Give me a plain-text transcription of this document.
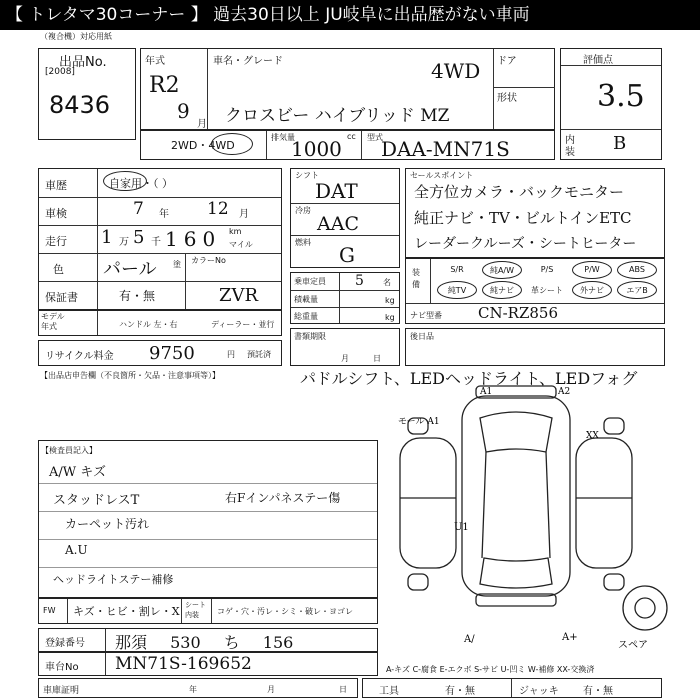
【 トレタマ30コーナー 】 過去30日以上 JU岐阜に出品歴がない車両
（複合機）対応用紙
出品No.
[2008]
8436
年式
R2
9
月
車名・グレード	4WD
クロスビー ハイブリッド MZ
ドア
形状
評価点
3.5
内
装 B
2WD・4WD
排気量	cc
1000	型式
DAA-MN71S
車歴	自家用・（ ）
車検	7 年 12 月
走行 1 万 5 千 160 km
マイル
色 パール 塗 カラーNo
ZVR
保証書	有・無
モデル
年式	ハンドル 左・右	ディーラー・並行
リサイクル料金 9750	円 預託済
シフト
DAT
冷房
AAC
燃料
G
乗車定員 5 名
積載量	kg
総重量	kg
書類期限
月日
セールスポイント
全方位カメラ・バックモニター
純正ナビ・TV・ビルトインETC
レーダークルーズ・シートヒーター
装備
ナビ型番 CN-RZ856
S/R	純A/W	P/S	P/W	ABS
純TV	純ナビ	革シート	外ナビ	エアB
後日品
【出品店申告欄（不良箇所・欠品・注意事項等）】	パドルシフト、LEDヘッドライト、LEDフォグ
【検査員記入】
A/W キズ
スタッドレスT
カーペット汚れ
A.U
ヘッドライトステー補修
右Fインパネステー傷
A1	A2
モール A1
XX
U1
A/	A+
スペア
FW キズ・ヒビ・割レ・X シート
内装	コゲ・穴・汚レ・シミ・破レ・ヨゴレ
登録番号 那須 530 ち 156
車台No MN71S-169652	A-キズ C-腐食 E-エクボ S-サビ U-凹ミ W-補修 XX-交換済
車庫証明	年	月	日	工具	有・無	ジャッキ 有・無
